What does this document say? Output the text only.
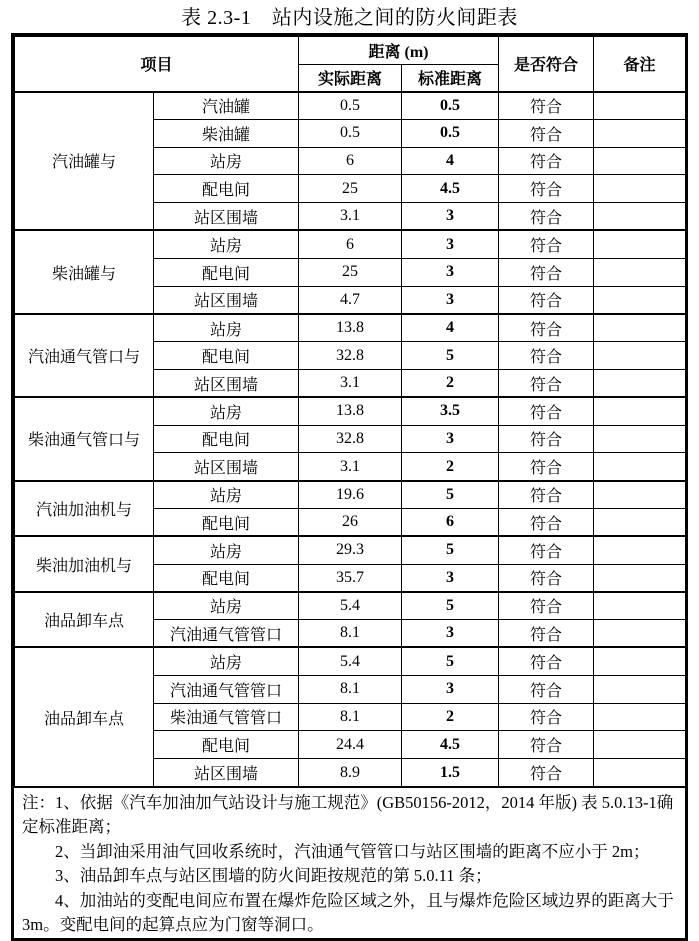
表 2.3-1　站内设施之间的防火间距表
项目		距离 (m)		是否符合	备注
		实际距离	标准距离		
汽油罐与	汽油罐	0.5	0.5	符合	
	柴油罐	0.5	0.5	符合	
	站房	6	4	符合	
	配电间	25	4.5	符合	
	站区围墙	3.1	3	符合	
柴油罐与	站房	6	3	符合	
	配电间	25	3	符合	
	站区围墙	4.7	3	符合	
汽油通气管口与	站房	13.8	4	符合	
	配电间	32.8	5	符合	
	站区围墙	3.1	2	符合	
柴油通气管口与	站房	13.8	3.5	符合	
	配电间	32.8	3	符合	
	站区围墙	3.1	2	符合	
汽油加油机与	站房	19.6	5	符合	
	配电间	26	6	符合	
柴油加油机与	站房	29.3	5	符合	
	配电间	35.7	3	符合	
油品卸车点	站房	5.4	5	符合	
	汽油通气管管口	8.1	3	符合	
油品卸车点	站房	5.4	5	符合	
	汽油通气管管口	8.1	3	符合	
	柴油通气管管口	8.1	2	符合	
	配电间	24.4	4.5	符合	
	站区围墙	8.9	1.5	符合	

注：1、依据《汽车加油加气站设计与施工规范》(GB50156-2012，2014 年版) 表 5.0.13-1确定标准距离；

2、当卸油采用油气回收系统时，汽油通气管管口与站区围墙的距离不应小于 2m；

3、油品卸车点与站区围墙的防火间距按规范的第 5.0.11 条；

4、加油站的变配电间应布置在爆炸危险区域之外，且与爆炸危险区域边界的距离大于 3m。变配电间的起算点应为门窗等洞口。
